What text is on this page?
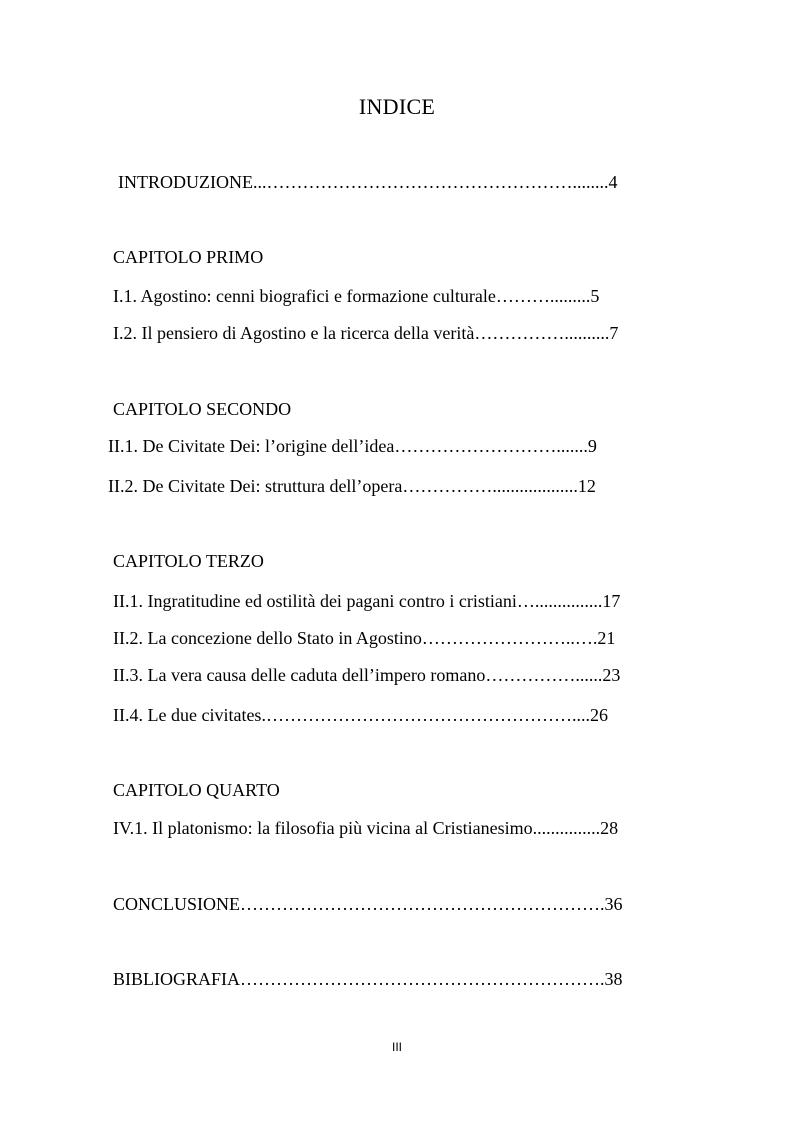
INDICE
INTRODUZIONE...……………………………………………........4
CAPITOLO PRIMO
I.1. Agostino: cenni biografici e formazione culturale……….........5
I.2. Il pensiero di Agostino e la ricerca della verità……………..........7
CAPITOLO SECONDO
II.1. De Civitate Dei: l’origine dell’idea……………………….......9
II.2. De Civitate Dei: struttura dell’opera……………...................12
CAPITOLO TERZO
II.1. Ingratitudine ed ostilità dei pagani contro i cristiani…...............17
II.2. La concezione dello Stato in Agostino……………………..….21
II.3. La vera causa delle caduta dell’impero romano……………......23
II.4. Le due civitates.……………………………………………....26
CAPITOLO QUARTO
IV.1. Il platonismo: la filosofia più vicina al Cristianesimo...............28
CONCLUSIONE…………………………………………………….36
BIBLIOGRAFIA…………………………………………………….38
III
